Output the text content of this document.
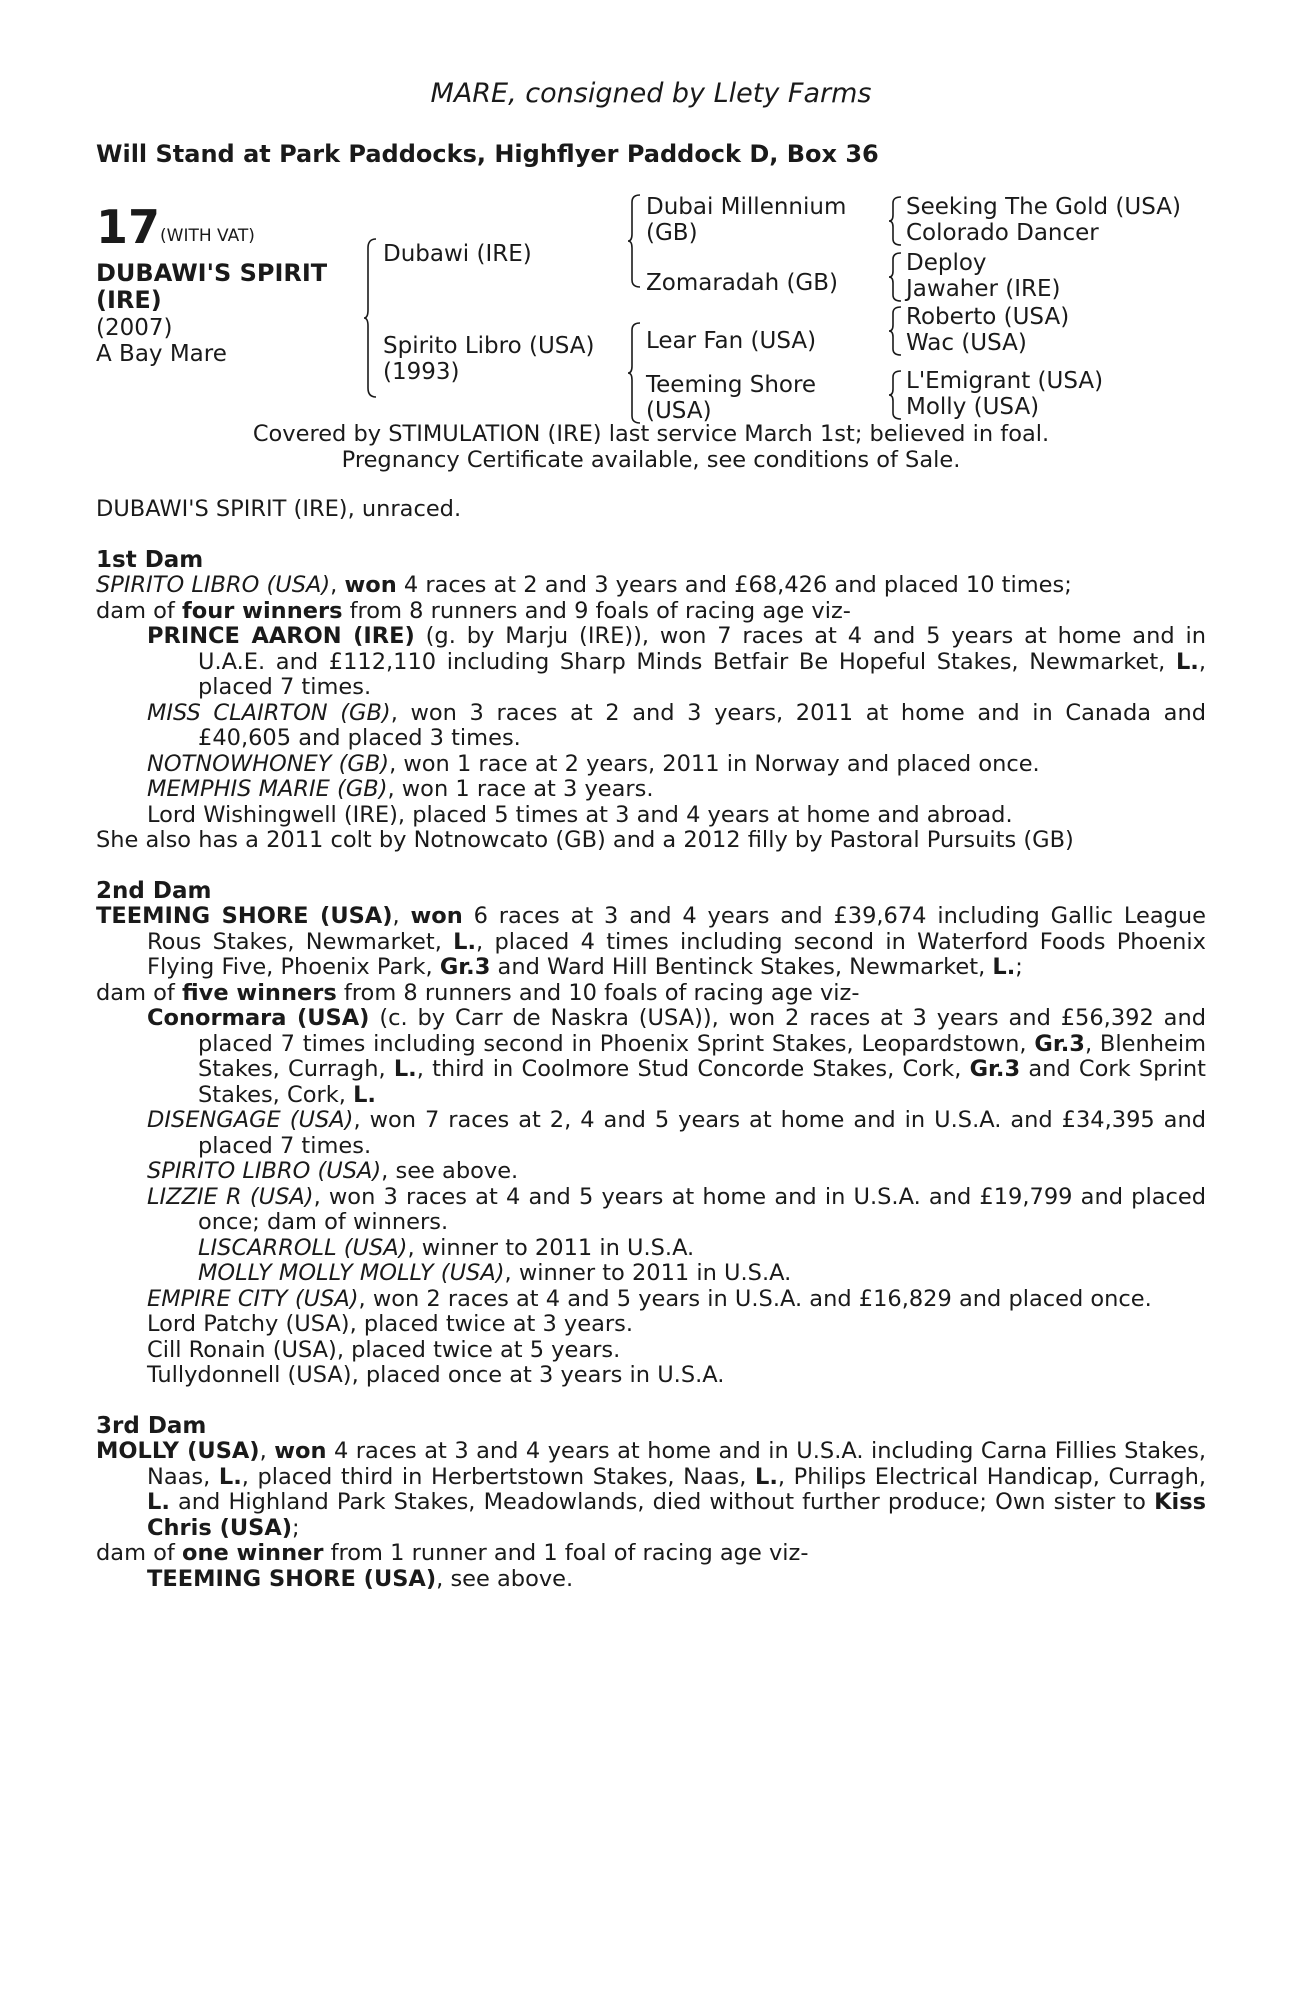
MARE, consigned by Llety Farms
Will Stand at Park Paddocks, Highflyer Paddock D, Box 36
17 (WITH VAT)
DUBAWI'S SPIRIT
(IRE)
(2007)
A Bay Mare
Dubawi (IRE)
Spirito Libro (USA)
(1993)
Dubai Millennium
(GB)
Zomaradah (GB)
Lear Fan (USA)
Teeming Shore
(USA)
Seeking The Gold (USA)
Colorado Dancer
Deploy
Jawaher (IRE)
Roberto (USA)
Wac (USA)
L'Emigrant (USA)
Molly (USA)
Covered by STIMULATION (IRE) last service March 1st; believed in foal.
Pregnancy Certificate available, see conditions of Sale.

DUBAWI'S SPIRIT (IRE), unraced.

1st Dam

SPIRITO LIBRO (USA), won 4 races at 2 and 3 years and £68,426 and placed 10 times;

dam of four winners from 8 runners and 9 foals of racing age viz-

PRINCE AARON (IRE) (g. by Marju (IRE)), won 7 races at 4 and 5 years at home and in U.A.E. and £112,110 including Sharp Minds Betfair Be Hopeful Stakes, Newmarket, L., placed 7 times.

MISS CLAIRTON (GB), won 3 races at 2 and 3 years, 2011 at home and in Canada and £40,605 and placed 3 times.

NOTNOWHONEY (GB), won 1 race at 2 years, 2011 in Norway and placed once.

MEMPHIS MARIE (GB), won 1 race at 3 years.

Lord Wishingwell (IRE), placed 5 times at 3 and 4 years at home and abroad.

She also has a 2011 colt by Notnowcato (GB) and a 2012 filly by Pastoral Pursuits (GB)

2nd Dam

TEEMING SHORE (USA), won 6 races at 3 and 4 years and £39,674 including Gallic League Rous Stakes, Newmarket, L., placed 4 times including second in Waterford Foods Phoenix Flying Five, Phoenix Park, Gr.3 and Ward Hill Bentinck Stakes, Newmarket, L.;

dam of five winners from 8 runners and 10 foals of racing age viz-

Conormara (USA) (c. by Carr de Naskra (USA)), won 2 races at 3 years and £56,392 and placed 7 times including second in Phoenix Sprint Stakes, Leopardstown, Gr.3, Blenheim Stakes, Curragh, L., third in Coolmore Stud Concorde Stakes, Cork, Gr.3 and Cork Sprint Stakes, Cork, L.

DISENGAGE (USA), won 7 races at 2, 4 and 5 years at home and in U.S.A. and £34,395 and placed 7 times.

SPIRITO LIBRO (USA), see above.

LIZZIE R (USA), won 3 races at 4 and 5 years at home and in U.S.A. and £19,799 and placed once; dam of winners.

LISCARROLL (USA), winner to 2011 in U.S.A.

MOLLY MOLLY MOLLY (USA), winner to 2011 in U.S.A.

EMPIRE CITY (USA), won 2 races at 4 and 5 years in U.S.A. and £16,829 and placed once.

Lord Patchy (USA), placed twice at 3 years.

Cill Ronain (USA), placed twice at 5 years.

Tullydonnell (USA), placed once at 3 years in U.S.A.

3rd Dam

MOLLY (USA), won 4 races at 3 and 4 years at home and in U.S.A. including Carna Fillies Stakes, Naas, L., placed third in Herbertstown Stakes, Naas, L., Philips Electrical Handicap, Curragh, L. and Highland Park Stakes, Meadowlands, died without further produce; Own sister to Kiss Chris (USA);

dam of one winner from 1 runner and 1 foal of racing age viz-

TEEMING SHORE (USA), see above.
